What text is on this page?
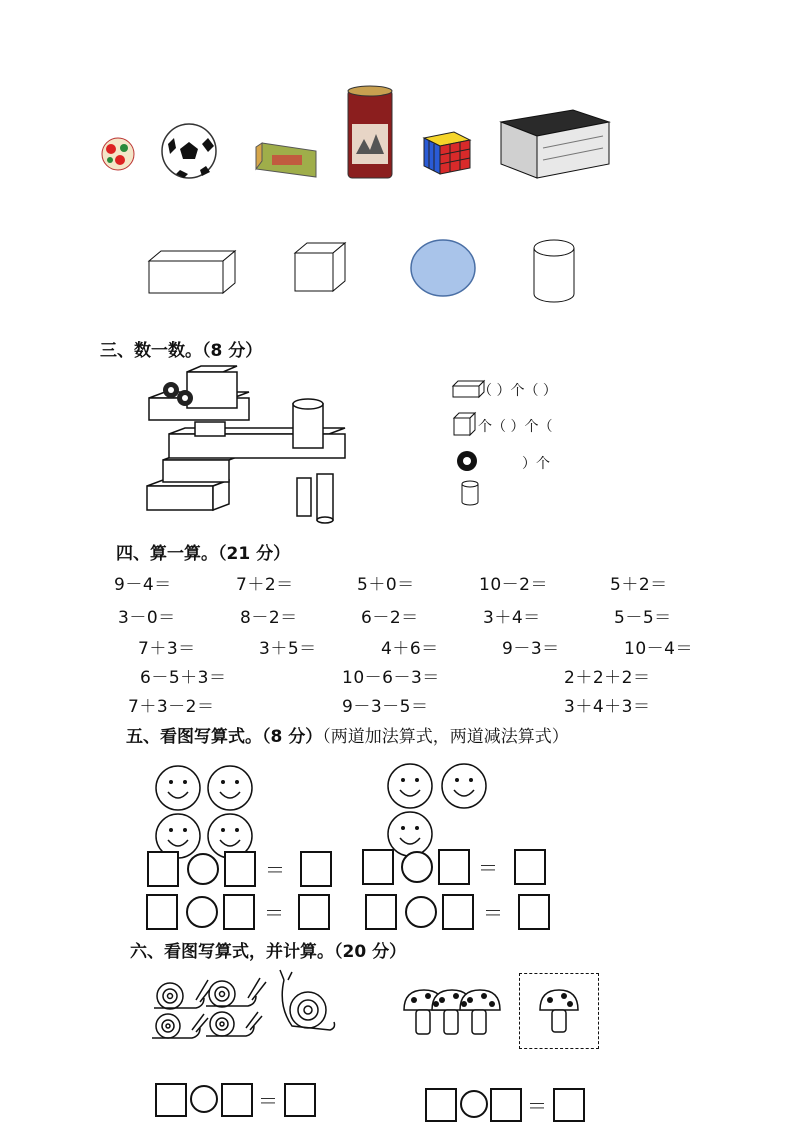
三、数一数。（8 分）
（ ）个（ ）
个（ ）个（
）个
四、算一算。（21 分）
9－4＝	7＋2＝	5＋0＝	10－2＝	5＋2＝
3－0＝	8－2＝	6－2＝	3＋4＝	5－5＝
7＋3＝	3＋5＝	4＋6＝	9－3＝	10－4＝
6－5＋3＝	10－6－3＝	2＋2＋2＝
7＋3－2＝	9－3－5＝	3＋4＋3＝
五、看图写算式。（8 分）（两道加法算式，两道减法算式）
＝
＝
＝
＝
六、看图写算式，并计算。（20 分）
＝	＝
